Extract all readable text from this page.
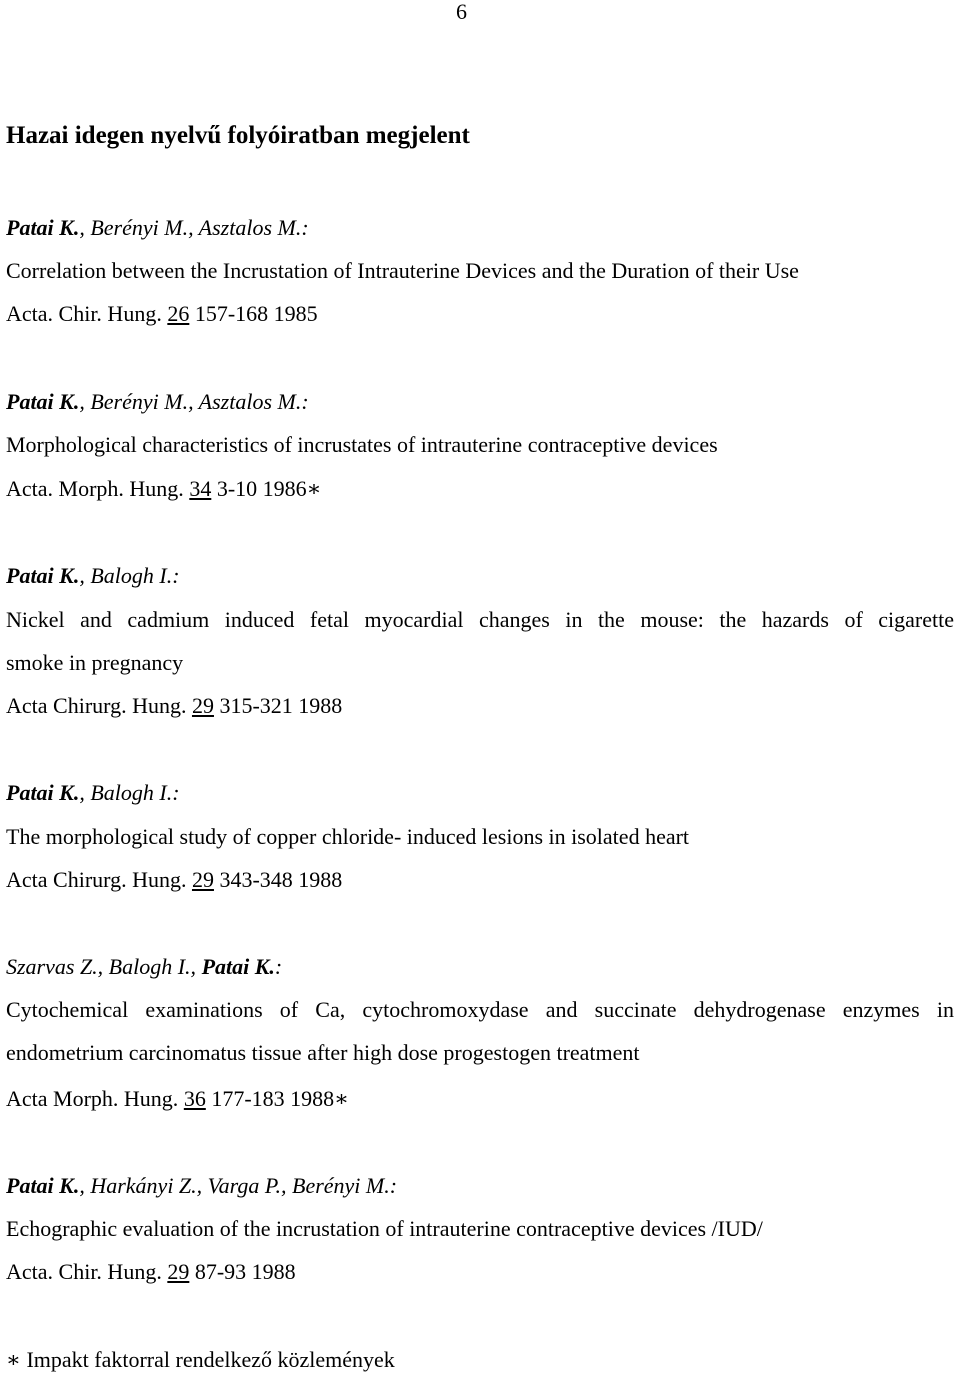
6
Hazai idegen nyelvű folyóiratban megjelent
Patai K., Berényi M., Asztalos M.:
Correlation between the Incrustation of Intrauterine Devices and the Duration of their Use
Acta. Chir. Hung. 26 157-168 1985
Patai K., Berényi M., Asztalos M.:
Morphological characteristics of incrustates of intrauterine contraceptive devices
Acta. Morph. Hung. 34 3-10 1986∗
Patai K., Balogh I.:
Nickel and cadmium induced fetal myocardial changes in the mouse: the hazards of cigarette
smoke in pregnancy
Acta Chirurg. Hung. 29 315-321 1988
Patai K., Balogh I.:
The morphological study of copper chloride- induced lesions in isolated heart
Acta Chirurg. Hung. 29 343-348 1988
Szarvas Z., Balogh I., Patai K.:
Cytochemical examinations of Ca, cytochromoxydase and succinate dehydrogenase enzymes in
endometrium carcinomatus tissue after high dose progestogen treatment
Acta Morph. Hung. 36 177-183 1988∗
Patai K., Harkányi Z., Varga P., Berényi M.:
Echographic evaluation of the incrustation of intrauterine contraceptive devices /IUD/
Acta. Chir. Hung. 29 87-93 1988
∗ Impakt faktorral rendelkező közlemények
